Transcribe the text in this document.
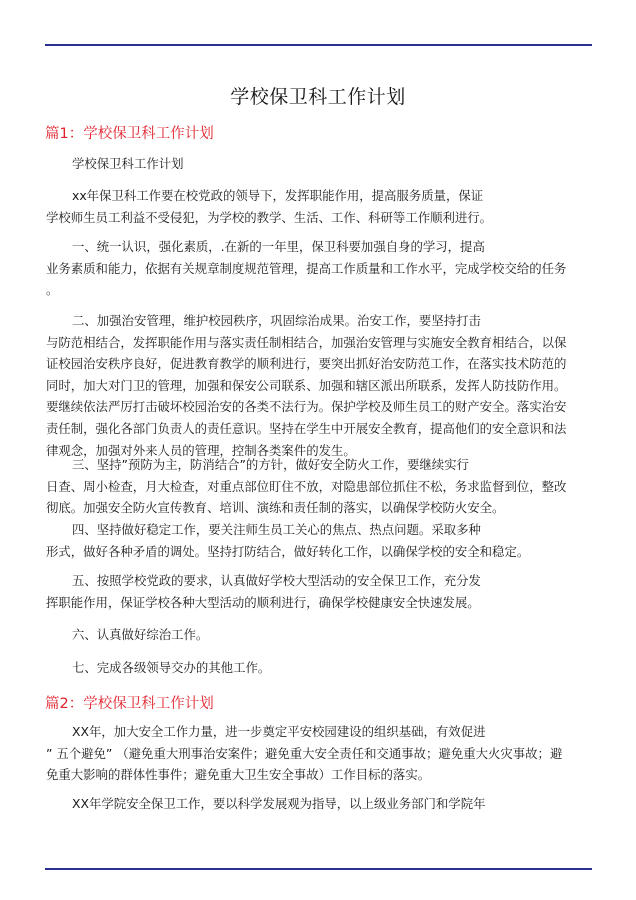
学校保卫科工作计划
篇1：学校保卫科工作计划
学校保卫科工作计划
xx年保卫科工作要在校党政的领导下，发挥职能作用，提高服务质量，保证
学校师生员工利益不受侵犯，为学校的教学、生活、工作、科研等工作顺利进行。
一、统一认识，强化素质，.在新的一年里，保卫科要加强自身的学习，提高
业务素质和能力，依据有关规章制度规范管理，提高工作质量和工作水平，完成学校交给的任务
。
二、加强治安管理，维护校园秩序，巩固综治成果。治安工作，要坚持打击
与防范相结合，发挥职能作用与落实责任制相结合，加强治安管理与实施安全教育相结合，以保
证校园治安秩序良好，促进教育教学的顺利进行，要突出抓好治安防范工作，在落实技术防范的
同时，加大对门卫的管理，加强和保安公司联系、加强和辖区派出所联系，发挥人防技防作用。
要继续依法严厉打击破坏校园治安的各类不法行为。保护学校及师生员工的财产安全。落实治安
责任制，强化各部门负责人的责任意识。坚持在学生中开展安全教育，提高他们的安全意识和法
律观念，加强对外来人员的管理，控制各类案件的发生。
三、坚持”预防为主，防消结合”的方针，做好安全防火工作，要继续实行
日查、周小检查，月大检查，对重点部位盯住不放，对隐患部位抓住不松，务求监督到位，整改
彻底。加强安全防火宣传教育、培训、演练和责任制的落实，以确保学校防火安全。
四、坚持做好稳定工作，要关注师生员工关心的焦点、热点问题。采取多种
形式，做好各种矛盾的调处。坚持打防结合，做好转化工作，以确保学校的安全和稳定。
五、按照学校党政的要求，认真做好学校大型活动的安全保卫工作，充分发
挥职能作用，保证学校各种大型活动的顺利进行，确保学校健康安全快速发展。
六、认真做好综治工作。
七、完成各级领导交办的其他工作。
篇2：学校保卫科工作计划
XX年，加大安全工作力量，进一步奠定平安校园建设的组织基础，有效促进
” 五个避免” （避免重大刑事治安案件；避免重大安全责任和交通事故；避免重大火灾事故；避
免重大影响的群体性事件；避免重大卫生安全事故）工作目标的落实。
XX年学院安全保卫工作，要以科学发展观为指导，以上级业务部门和学院年
